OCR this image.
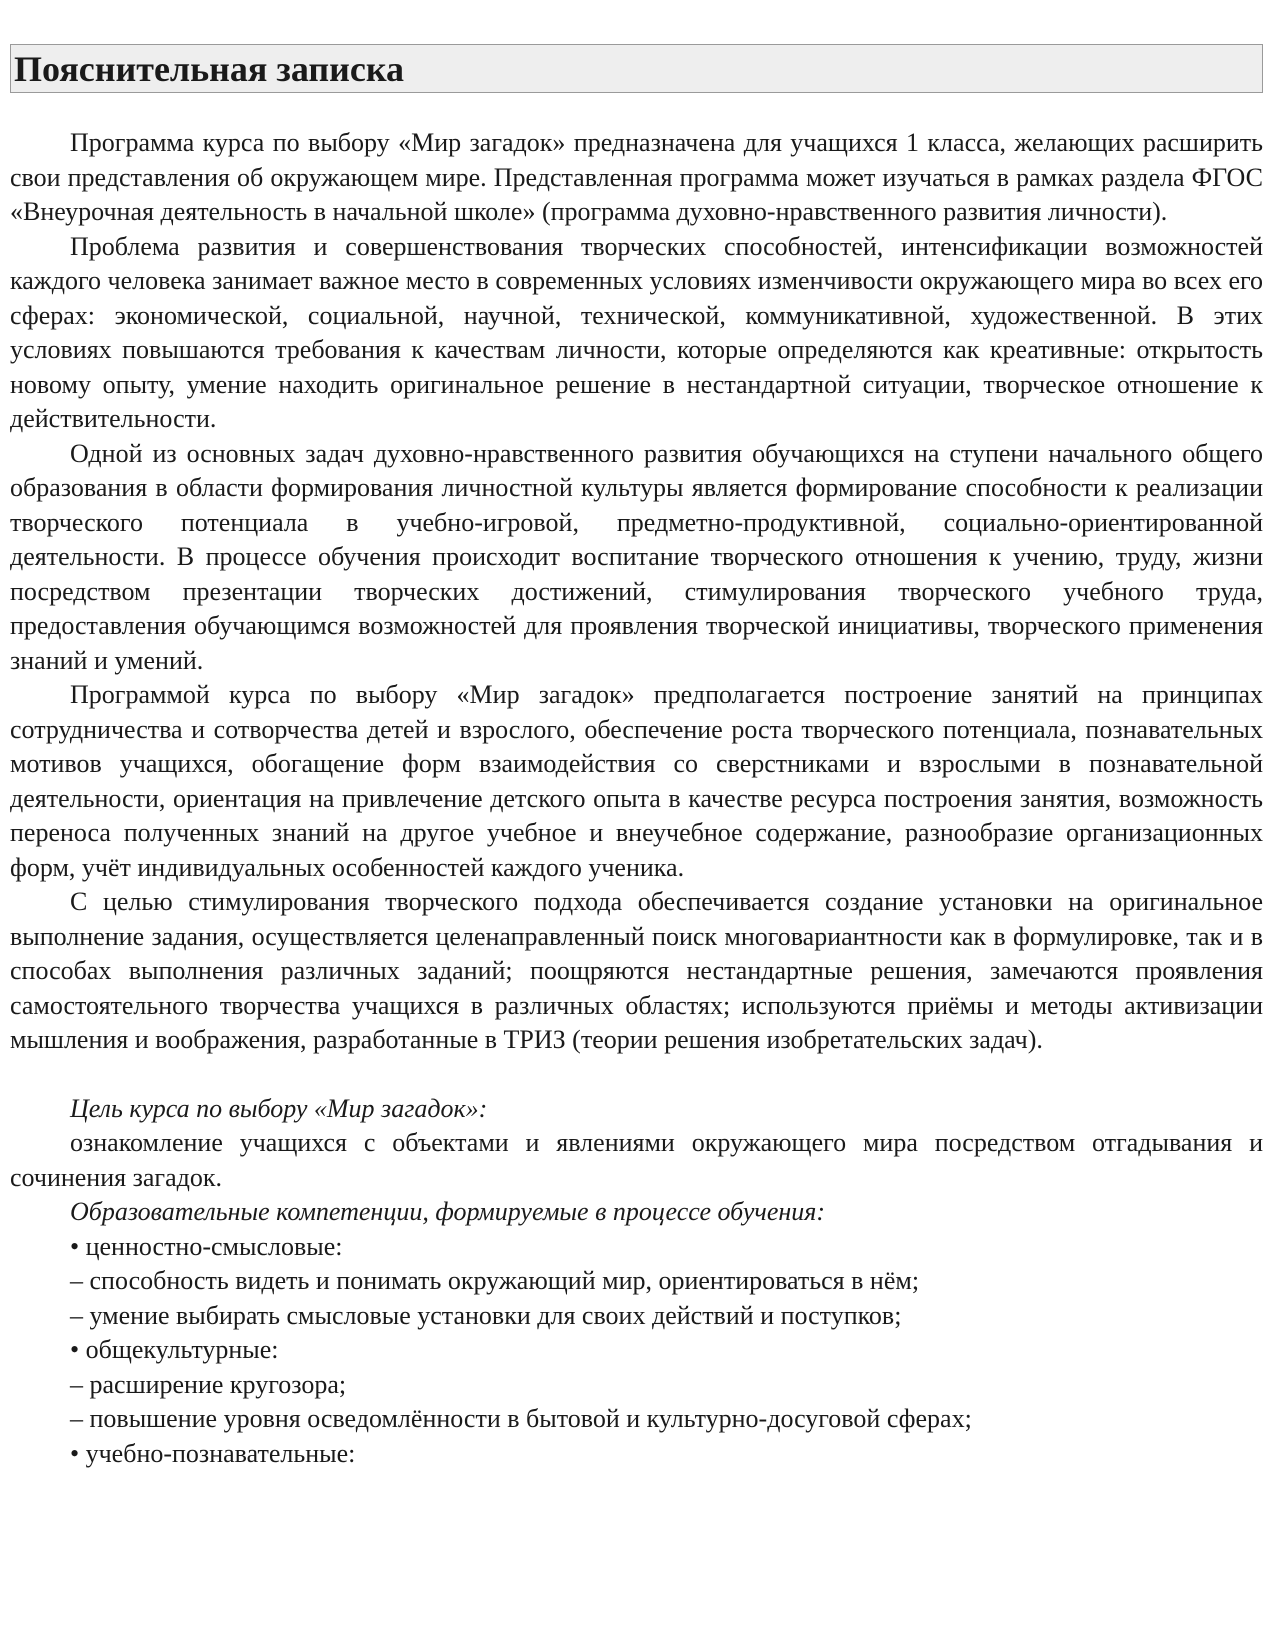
Пояснительная записка

Программа курса по выбору «Мир загадок» предназначена для учащихся 1 класса, желающих расширить свои представления об окружающем мире. Представленная программа может изучаться в рамках раздела ФГОС «Внеурочная деятельность в начальной школе» (программа духовно-нравственного развития личности).

Проблема развития и совершенствования творческих способностей, интенсификации возможностей каждого человека занимает важное место в современных условиях изменчивости окружающего мира во всех его сферах: экономической, социальной, научной, технической, коммуникативной, художественной. В этих условиях повышаются требования к качествам личности, которые определяются как креативные: открытость новому опыту, умение находить оригинальное решение в нестандартной ситуации, творческое отношение к действительности.

Одной из основных задач духовно-нравственного развития обучающихся на ступени начального общего образования в области формирования личностной культуры является формирование способности к реализации творческого потенциала в учебно-игровой, предметно-продуктивной, социально-ориентированной деятельности. В процессе обучения происходит воспитание творческого отношения к учению, труду, жизни посредством презентации творческих достижений, стимулирования творческого учебного труда, предоставления обучающимся возможностей для проявления творческой инициативы, творческого применения знаний и умений.

Программой курса по выбору «Мир загадок» предполагается построение занятий на принципах сотрудничества и сотворчества детей и взрослого, обеспечение роста творческого потенциала, познавательных мотивов учащихся, обогащение форм взаимодействия со сверстниками и взрослыми в познавательной деятельности, ориентация на привлечение детского опыта в качестве ресурса построения занятия, возможность переноса полученных знаний на другое учебное и внеучебное содержание, разнообразие организационных форм, учёт индивидуальных особенностей каждого ученика.

С целью стимулирования творческого подхода обеспечивается создание установки на оригинальное выполнение задания, осуществляется целенаправленный поиск многовариантности как в формулировке, так и в способах выполнения различных заданий; поощряются нестандартные решения, замечаются проявления самостоятельного творчества учащихся в различных областях; используются приёмы и методы активизации мышления и воображения, разработанные в ТРИЗ (теории решения изобретательских задач).

Цель курса по выбору «Мир загадок»:

ознакомление учащихся с объектами и явлениями окружающего мира посредством отгадывания и сочинения загадок.

Образовательные компетенции, формируемые в процессе обучения:

• ценностно-смысловые:
– способность видеть и понимать окружающий мир, ориентироваться в нём;
– умение выбирать смысловые установки для своих действий и поступков;
• общекультурные:
– расширение кругозора;
– повышение уровня осведомлённости в бытовой и культурно-досуговой сферах;
• учебно-познавательные:
